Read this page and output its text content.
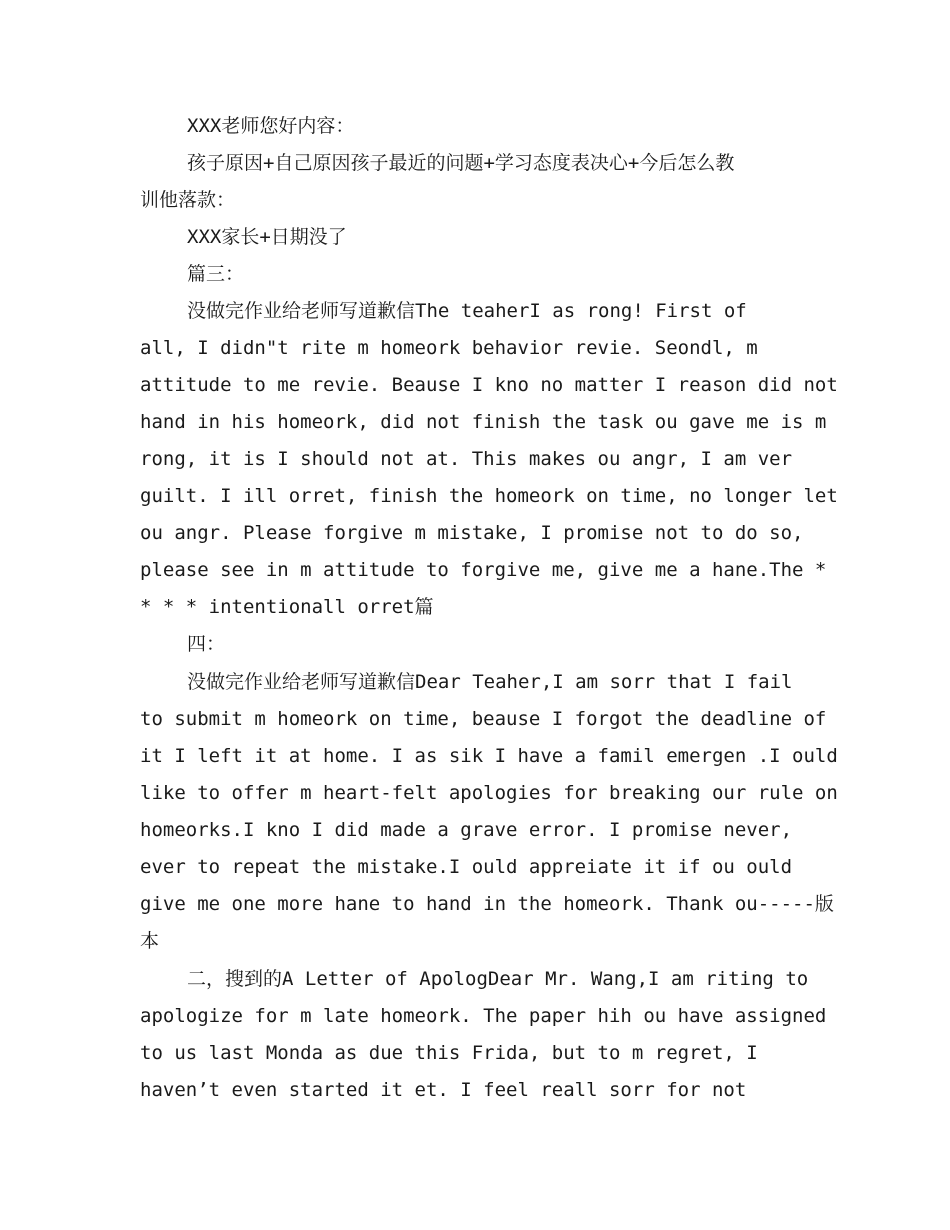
XXX老师您好内容：

孩子原因+自己原因孩子最近的问题+学习态度表决心+今后怎么教

训他落款：

XXX家长+日期没了

篇三：

没做完作业给老师写道歉信The teaherI as rong! First of

all, I didn"t rite m homeork behavior revie. Seondl, m

attitude to me revie. Beause I kno no matter I reason did not

hand in his homeork, did not finish the task ou gave me is m

rong, it is I should not at. This makes ou angr, I am ver

guilt. I ill orret, finish the homeork on time, no longer let

ou angr. Please forgive m mistake, I promise not to do so,

please see in m attitude to forgive me, give me a hane.The *

* * * intentionall orret篇

四：

没做完作业给老师写道歉信Dear Teaher,I am sorr that I fail

to submit m homeork on time, beause I forgot the deadline of

it I left it at home. I as sik I have a famil emergen .I ould

like to offer m heart-felt apologies for breaking our rule on

homeorks.I kno I did made a grave error. I promise never,

ever to repeat the mistake.I ould appreiate it if ou ould

give me one more hane to hand in the homeork. Thank ou-----版

本

二，搜到的A Letter of ApologDear Mr. Wang,I am riting to

apologize for m late homeork. The paper hih ou have assigned

to us last Monda as due this Frida, but to m regret, I

haven’t even started it et. I feel reall sorr for not
